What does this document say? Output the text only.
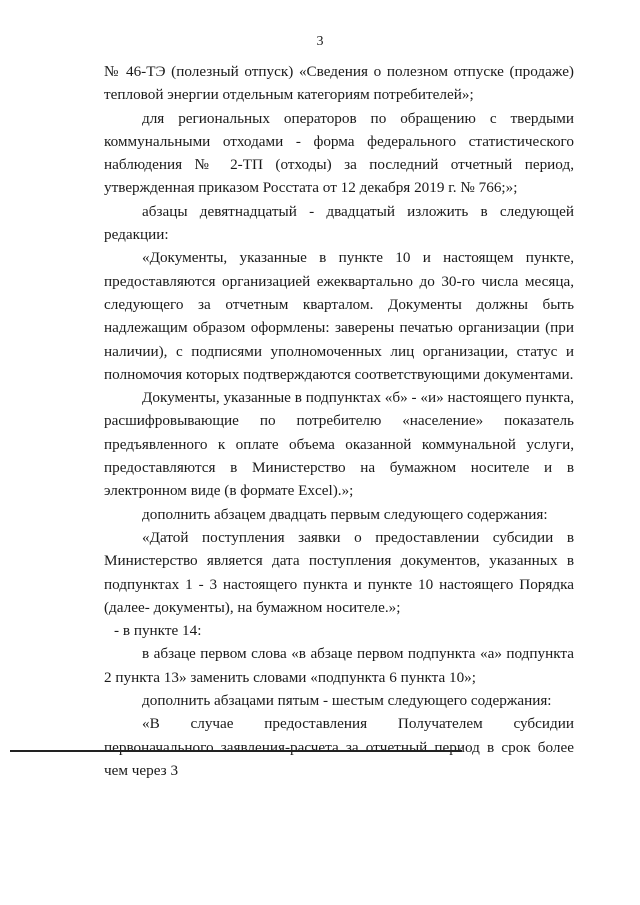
3

№ 46-ТЭ (полезный отпуск) «Сведения о полезном отпуске (продаже) тепловой энергии отдельным категориям потребителей»;

для региональных операторов по обращению с твердыми коммунальными отходами - форма федерального статистического наблюдения № 2-ТП (отходы) за последний отчетный период, утвержденная приказом Росстата от 12 декабря 2019 г. № 766;»;

абзацы девятнадцатый - двадцатый изложить в следующей редакции:

«Документы, указанные в пункте 10 и настоящем пункте, предоставляются организацией ежеквартально до 30-го числа месяца, следующего за отчетным кварталом. Документы должны быть надлежащим образом оформлены: заверены печатью организации (при наличии), с подписями уполномоченных лиц организации, статус и полномочия которых подтверждаются соответствующими документами.

Документы, указанные в подпунктах «б» - «и» настоящего пункта, расшифровывающие по потребителю «население» показатель предъявленного к оплате объема оказанной коммунальной услуги, предоставляются в Министерство на бумажном носителе и в электронном виде (в формате Excel).»;

дополнить абзацем двадцать первым следующего содержания:

«Датой поступления заявки о предоставлении субсидии в Министерство является дата поступления документов, указанных в подпунктах 1 - 3 настоящего пункта и пункте 10 настоящего Порядка (далее- документы), на бумажном носителе.»;

- в пункте 14:

в абзаце первом слова «в абзаце первом подпункта «а» подпункта 2 пункта 13» заменить словами «подпункта 6 пункта 10»;

дополнить абзацами пятым - шестым следующего содержания:

«В случае предоставления Получателем субсидии первоначального заявления-расчета за отчетный период в срок более чем через 3
